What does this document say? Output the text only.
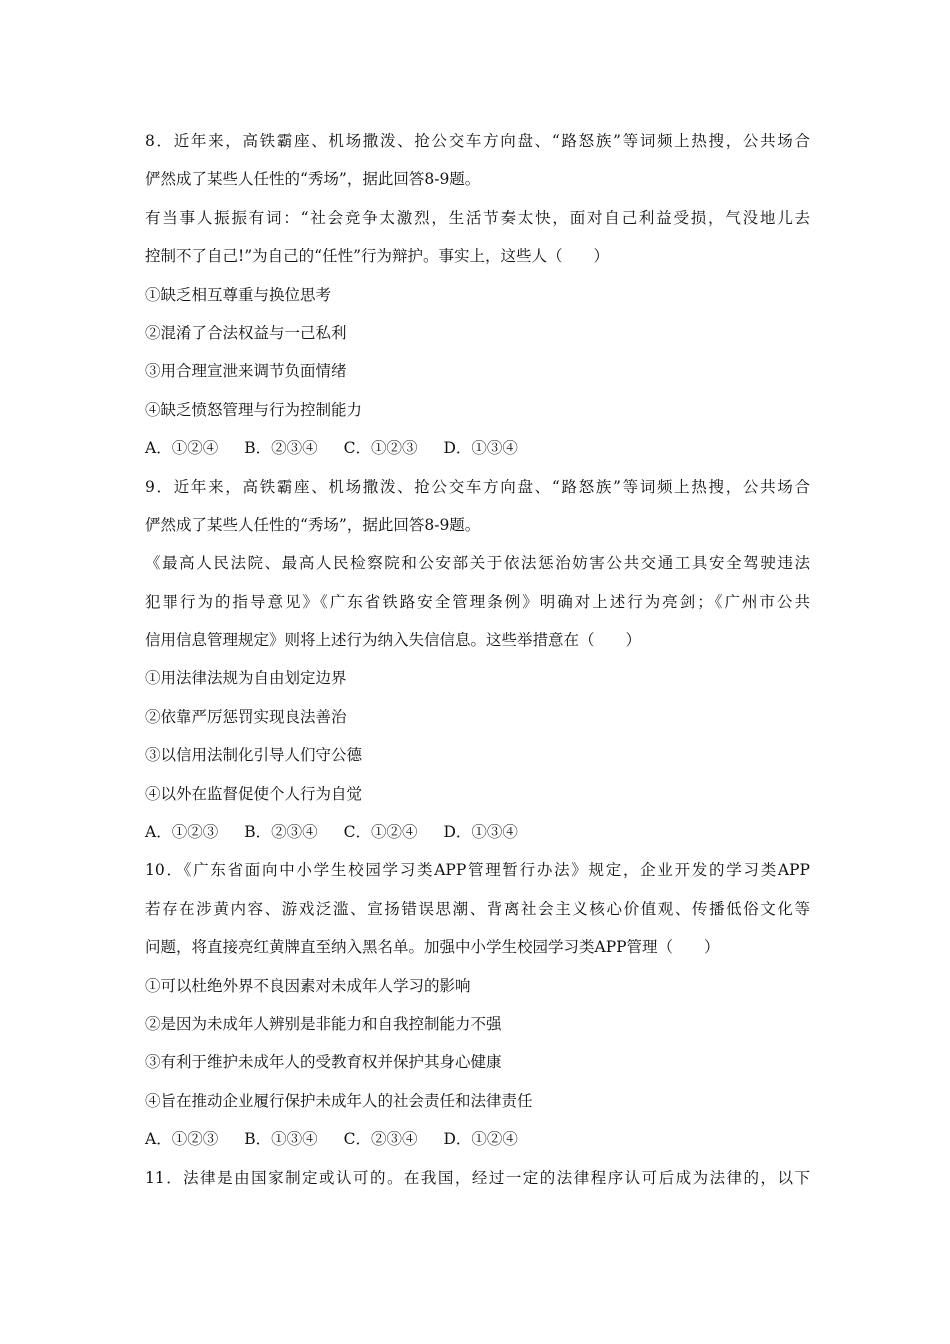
8．近年来，高铁霸座、机场撒泼、抢公交车方向盘、“路怒族”等词频上热搜，公共场合
俨然成了某些人任性的“秀场”，据此回答8-9题。
有当事人振振有词：“社会竞争太激烈，生活节奏太快，面对自己利益受损，气没地儿去
控制不了自己!”为自己的“任性”行为辩护。事实上，这些人（　　）
①缺乏相互尊重与换位思考
②混淆了合法权益与一己私利
③用合理宣泄来调节负面情绪
④缺乏愤怒管理与行为控制能力
A．①②④ B．②③④ C．①②③ D．①③④
9．近年来，高铁霸座、机场撒泼、抢公交车方向盘、“路怒族”等词频上热搜，公共场合
俨然成了某些人任性的“秀场”，据此回答8-9题。
《最高人民法院、最高人民检察院和公安部关于依法惩治妨害公共交通工具安全驾驶违法
犯罪行为的指导意见》《广东省铁路安全管理条例》明确对上述行为亮剑；《广州市公共
信用信息管理规定》则将上述行为纳入失信信息。这些举措意在（　　）
①用法律法规为自由划定边界
②依靠严厉惩罚实现良法善治
③以信用法制化引导人们守公德
④以外在监督促使个人行为自觉
A．①②③ B．②③④ C．①②④ D．①③④
10．《广东省面向中小学生校园学习类APP管理暂行办法》规定，企业开发的学习类APP
若存在涉黄内容、游戏泛滥、宣扬错误思潮、背离社会主义核心价值观、传播低俗文化等
问题，将直接亮红黄牌直至纳入黑名单。加强中小学生校园学习类APP管理（　　）
①可以杜绝外界不良因素对未成年人学习的影响
②是因为未成年人辨别是非能力和自我控制能力不强
③有利于维护未成年人的受教育权并保护其身心健康
④旨在推动企业履行保护未成年人的社会责任和法律责任
A．①②③ B．①③④ C．②③④ D．①②④
11．法律是由国家制定或认可的。在我国，经过一定的法律程序认可后成为法律的，以下
